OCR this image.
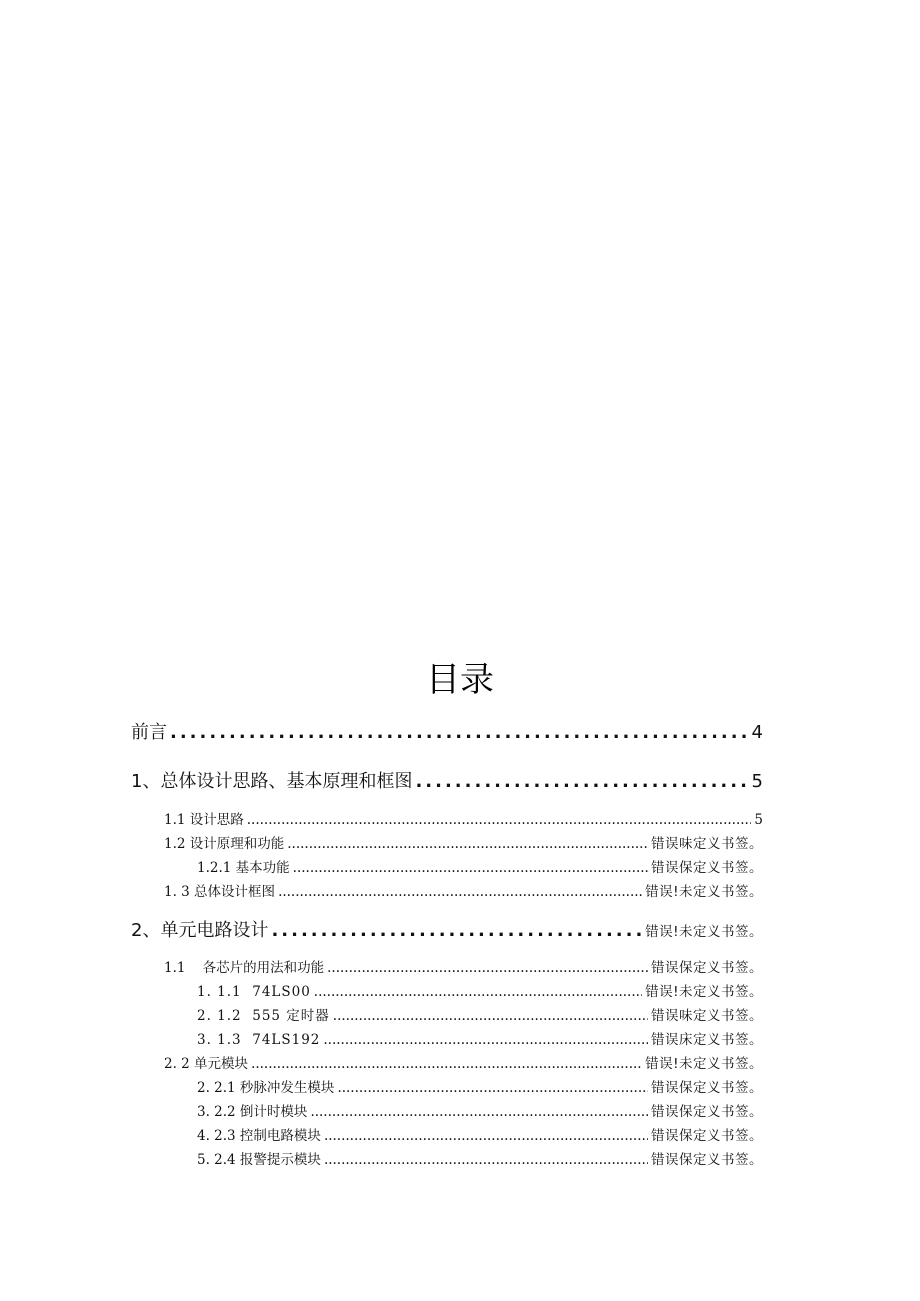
目录
前言 .....	4
1、总体设计思路、基本原理和框图 .....	5
1.1 设计思路 .....	5
1.2 设计原理和功能 .....	错误味定义书签。
1.2.1 基本功能 .....	错误保定义书签。
1. 3 总体设计框图 .....	错误!未定义书签。
2、单元电路设计 .....	错误!未定义书签。
1.1    各芯片的用法和功能 .....	错误保定义书签。
1. 1.1  74LS00 .....	错误!未定义书签。
2. 1.2  555 定时器 .....	错误味定义书签。
3. 1.3  74LS192 .....	错误床定义书签。
2. 2 单元模块 .....	错误!未定义书签。
2. 2.1 秒脉冲发生模块 .....	错误保定义书签。
3. 2.2 倒计时模块 .....	错误保定义书签。
4. 2.3 控制电路模块 .....	错误保定义书签。
5. 2.4 报警提示模块 .....	错误保定义书签。
